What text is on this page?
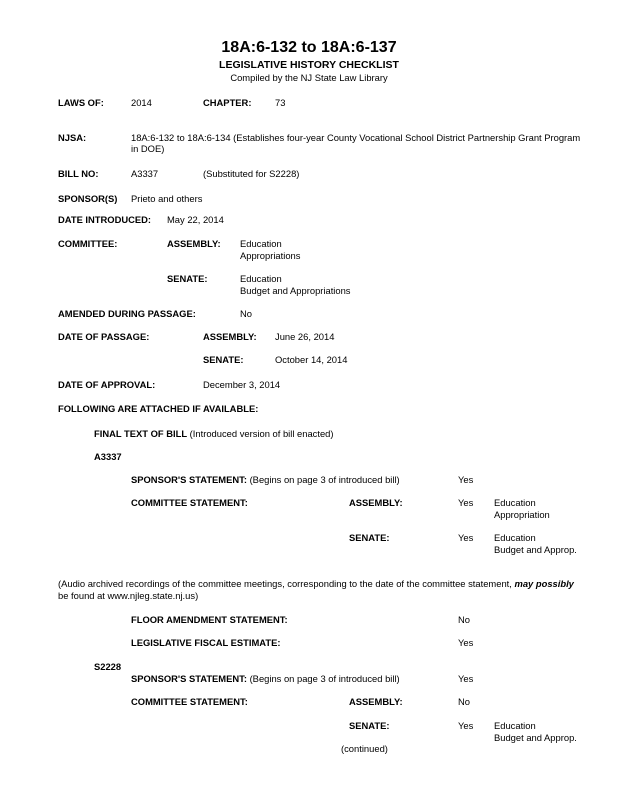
18A:6-132 to 18A:6-137
LEGISLATIVE HISTORY CHECKLIST
Compiled by the NJ State Law Library
LAWS OF:	2014	CHAPTER:	73
NJSA:	18A:6-132 to 18A:6-134 (Establishes four-year County Vocational School District Partnership Grant Program
in DOE)
BILL NO:	A3337	(Substituted for S2228)
SPONSOR(S) Prieto and others
DATE INTRODUCED: May 22, 2014
COMMITTEE:	ASSEMBLY: Education
Appropriations
SENATE:	Education
Budget and Appropriations
AMENDED DURING PASSAGE:	No
DATE OF PASSAGE:	ASSEMBLY: June 26, 2014
SENATE:	October 14, 2014
DATE OF APPROVAL:	December 3, 2014
FOLLOWING ARE ATTACHED IF AVAILABLE:
FINAL TEXT OF BILL (Introduced version of bill enacted)
A3337
SPONSOR'S STATEMENT: (Begins on page 3 of introduced bill)	Yes
COMMITTEE STATEMENT:	ASSEMBLY:	Yes Education
Appropriation
SENATE:	Yes Education
Budget and Approp.
(Audio archived recordings of the committee meetings, corresponding to the date of the committee statement, may possibly
be found at www.njleg.state.nj.us)
FLOOR AMENDMENT STATEMENT:	No
LEGISLATIVE FISCAL ESTIMATE:	Yes
S2228
SPONSOR'S STATEMENT: (Begins on page 3 of introduced bill)	Yes
COMMITTEE STATEMENT:	ASSEMBLY:	No
SENATE:	Yes Education
Budget and Approp.
(continued)
